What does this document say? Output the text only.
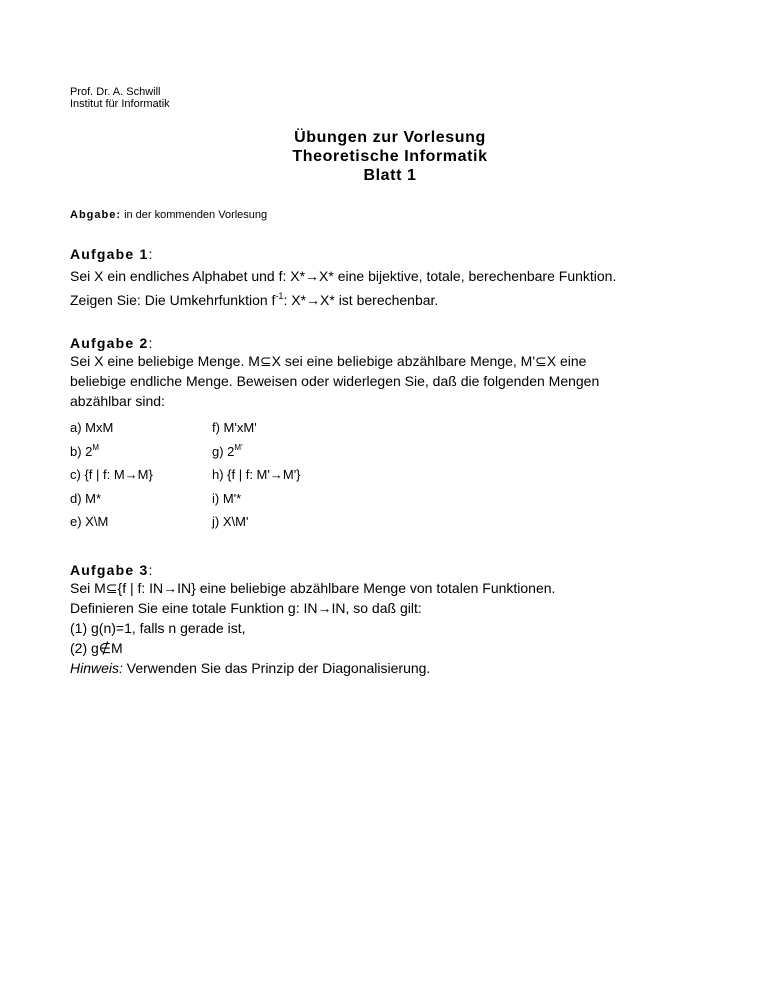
Prof. Dr. A. Schwill
Institut für Informatik
Übungen zur Vorlesung
Theoretische Informatik
Blatt 1
Abgabe: in der kommenden Vorlesung
Aufgabe 1:
Sei X ein endliches Alphabet und f: X*→X* eine bijektive, totale, berechenbare Funktion.
Zeigen Sie: Die Umkehrfunktion $f^{-1}$: X*→X* ist berechenbar.
Aufgabe 2:
Sei X eine beliebige Menge. M⊆X sei eine beliebige abzählbare Menge, M'⊆X eine
beliebige endliche Menge. Beweisen oder widerlegen Sie, daß die folgenden Mengen
abzählbar sind:
a) MxM	f) M'xM'
b) $2^M$	g) $2^{M'}$
c) {f | f: M→M}	h) {f | f: M'→M'}
d) M*	i) M'*
e) X\M	j) X\M'
Aufgabe 3:
Sei M⊆{f | f: IN→IN} eine beliebige abzählbare Menge von totalen Funktionen.
Definieren Sie eine totale Funktion g: IN→IN, so daß gilt:
(1) g(n)=1, falls n gerade ist,
(2) g∉M
Hinweis: Verwenden Sie das Prinzip der Diagonalisierung.
